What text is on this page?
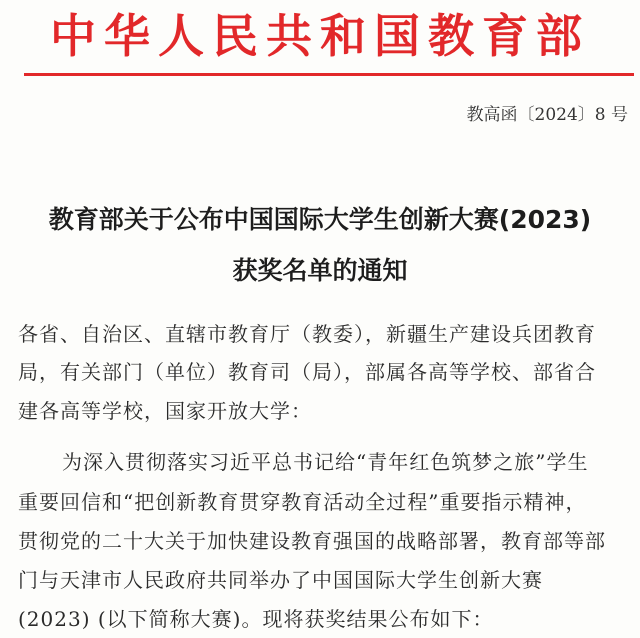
中华人民共和国教育部
教高函〔2024〕8 号
教育部关于公布中国国际大学生创新大赛(2023)
获奖名单的通知
各省、自治区、直辖市教育厅（教委），新疆生产建设兵团教育
局，有关部门（单位）教育司（局），部属各高等学校、部省合
建各高等学校，国家开放大学：
为深入贯彻落实习近平总书记给“青年红色筑梦之旅”学生
重要回信和“把创新教育贯穿教育活动全过程”重要指示精神，
贯彻党的二十大关于加快建设教育强国的战略部署，教育部等部
门与天津市人民政府共同举办了中国国际大学生创新大赛
(2023) (以下简称大赛)。现将获奖结果公布如下：
